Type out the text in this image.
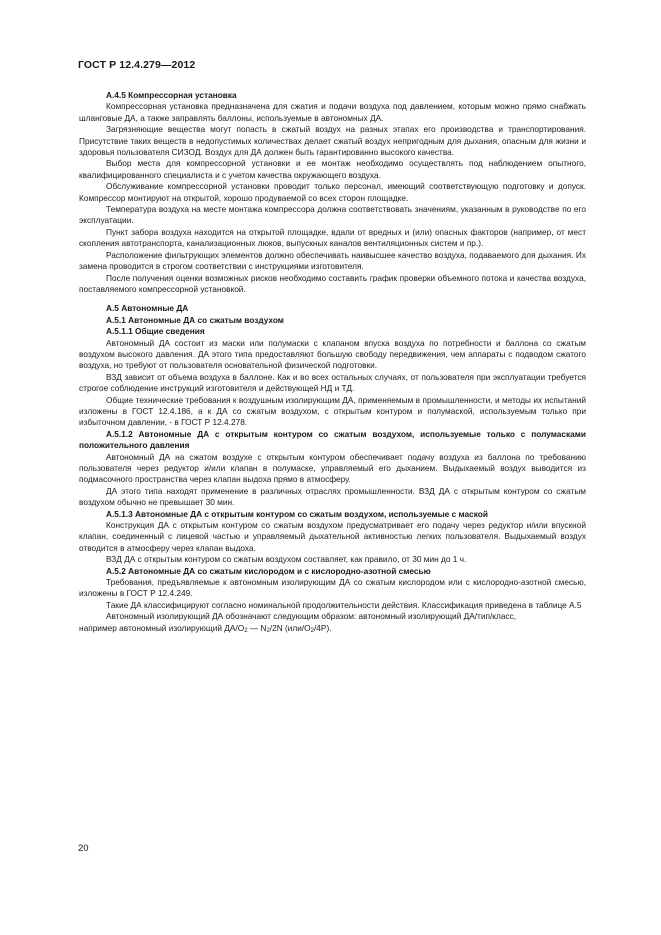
ГОСТ Р 12.4.279—2012

А.4.5 Компрессорная установка

Компрессорная установка предназначена для сжатия и подачи воздуха под давлением, которым можно прямо снабжать шланговые ДА, а также заправлять баллоны, используемые в автономных ДА.

Загрязняющие вещества могут попасть в сжатый воздух на разных этапах его производства и транспортирования. Присутствие таких веществ в недопустимых количествах делает сжатый воздух непригодным для дыхания, опасным для жизни и здоровья пользователя СИЗОД. Воздух для ДА должен быть гарантированно высокого качества.

Выбор места для компрессорной установки и ее монтаж необходимо осуществлять под наблюдением опытного, квалифицированного специалиста и с учетом качества окружающего воздуха.

Обслуживание компрессорной установки проводит только персонал, имеющий соответствующую подготовку и допуск. Компрессор монтируют на открытой, хорошо продуваемой со всех сторон площадке.

Температура воздуха на месте монтажа компрессора должна соответствовать значениям, указанным в руководстве по его эксплуатации.

Пункт забора воздуха находится на открытой площадке, вдали от вредных и (или) опасных факторов (например, от мест скопления автотранспорта, канализационных люков, выпускных каналов вентиляционных систем и пр.).

Расположение фильтрующих элементов должно обеспечивать наивысшее качество воздуха, подаваемого для дыхания. Их замена проводится в строгом соответствии с инструкциями изготовителя.

После получения оценки возможных рисков необходимо составить график проверки объемного потока и качества воздуха, поставляемого компрессорной установкой.

А.5 Автономные ДА

А.5.1 Автономные ДА со сжатым воздухом

А.5.1.1 Общие сведения

Автономный ДА состоит из маски или полумаски с клапаном впуска воздуха по потребности и баллона со сжатым воздухом высокого давления. ДА этого типа предоставляют большую свободу передвижения, чем аппараты с подводом сжатого воздуха, но требуют от пользователя основательной физической подготовки.

ВЗД зависит от объема воздуха в баллоне. Как и во всех остальных случаях, от пользователя при эксплуатации требуется строгое соблюдение инструкций изготовителя и действующей НД и ТД.

Общие технические требования к воздушным изолирующим ДА, применяемым в промышленности, и методы их испытаний изложены в ГОСТ 12.4.186, а к ДА со сжатым воздухом, с открытым контуром и полумаской, используемым только при избыточном давлении, - в ГОСТ Р 12.4.278.

А.5.1.2 Автономные ДА с открытым контуром со сжатым воздухом, используемые только с полумасками положительного давления

Автономный ДА на сжатом воздухе с открытым контуром обеспечивает подачу воздуха из баллона по требованию пользователя через редуктор и/или клапан в полумаске, управляемый его дыханием. Выдыхаемый воздух выводится из подмасочного пространства через клапан выдоха прямо в атмосферу.

ДА этого типа находят применение в различных отраслях промышленности. ВЗД ДА с открытым контуром со сжатым воздухом обычно не превышает 30 мин.

А.5.1.3 Автономные ДА с открытым контуром со сжатым воздухом, используемые с маской

Конструкция ДА с открытым контуром со сжатым воздухом предусматривает его подачу через редуктор и/или впускной клапан, соединенный с лицевой частью и управляемый дыхательной активностью легких пользователя. Выдыхаемый воздух отводится в атмосферу через клапан выдоха.

ВЗД ДА с открытым контуром со сжатым воздухом составляет, как правило, от 30 мин до 1 ч.

А.5.2 Автономные ДА со сжатым кислородом и с кислородно-азотной смесью

Требования, предъявляемые к автономным изолирующим ДА со сжатым кислородом или с кислородно-азотной смесью, изложены в ГОСТ Р 12.4.249.

Такие ДА классифицируют согласно номинальной продолжительности действия. Классификация приведена в таблице А.5

Автономный изолирующий ДА обозначают следующим образом: автономный изолирующий ДА/тип/класс,

например автономный изолирующий $ДА/О_2$ — $N_2/2N$ $(или/О_2/4Р)$.

20
